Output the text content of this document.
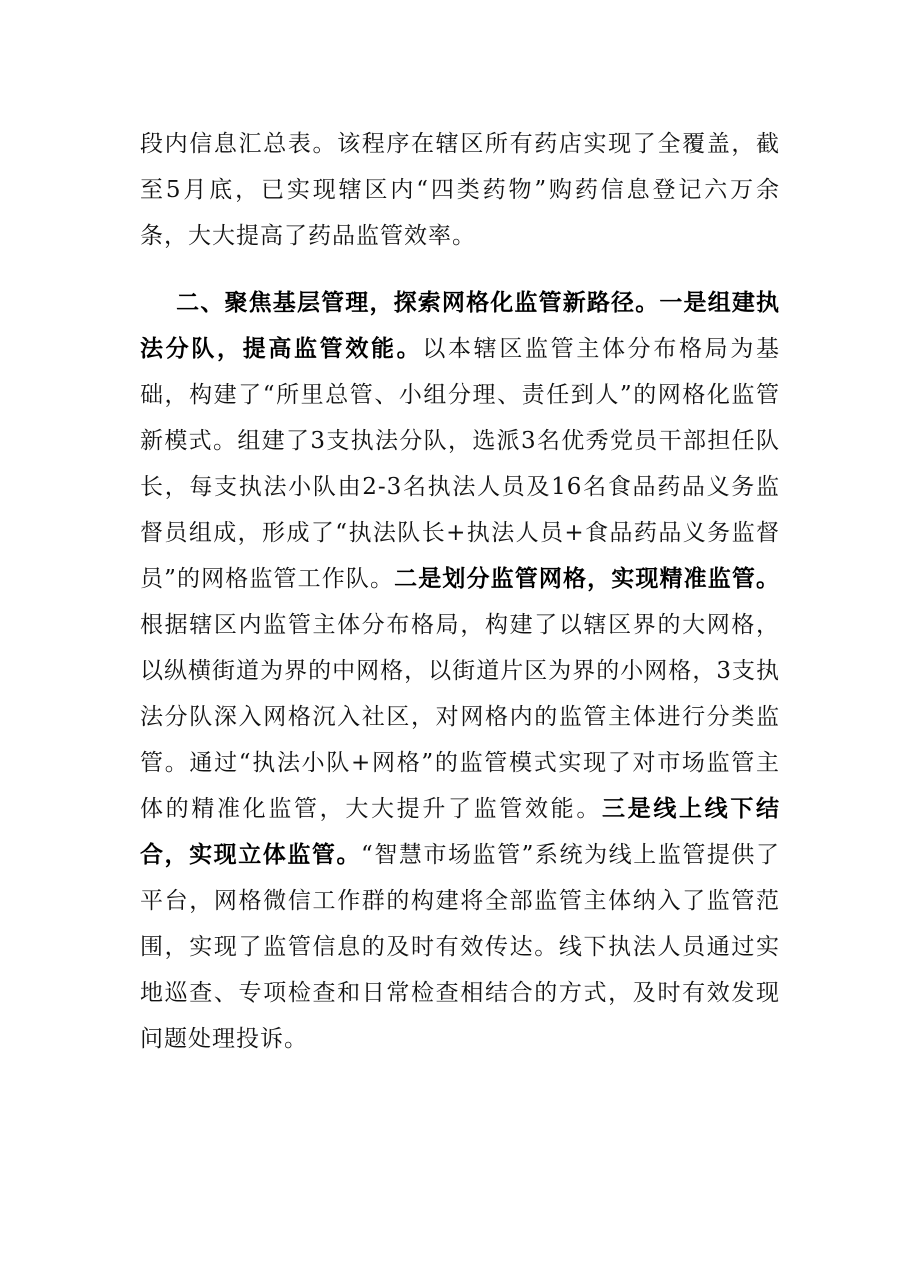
段内信息汇总表。该程序在辖区所有药店实现了全覆盖，截至5月底，已实现辖区内“四类药物”购药信息登记六万余条，大大提高了药品监管效率。

二、聚焦基层管理，探索网格化监管新路径。一是组建执法分队，提高监管效能。以本辖区监管主体分布格局为基础，构建了“所里总管、小组分理、责任到人”的网格化监管新模式。组建了3支执法分队，选派3名优秀党员干部担任队长，每支执法小队由2-3名执法人员及16名食品药品义务监督员组成，形成了“执法队长+执法人员+食品药品义务监督员”的网格监管工作队。二是划分监管网格，实现精准监管。根据辖区内监管主体分布格局，构建了以辖区界的大网格，以纵横街道为界的中网格，以街道片区为界的小网格，3支执法分队深入网格沉入社区，对网格内的监管主体进行分类监管。通过“执法小队+网格”的监管模式实现了对市场监管主体的精准化监管，大大提升了监管效能。三是线上线下结合，实现立体监管。“智慧市场监管”系统为线上监管提供了平台，网格微信工作群的构建将全部监管主体纳入了监管范围，实现了监管信息的及时有效传达。线下执法人员通过实地巡查、专项检查和日常检查相结合的方式，及时有效发现问题处理投诉。
